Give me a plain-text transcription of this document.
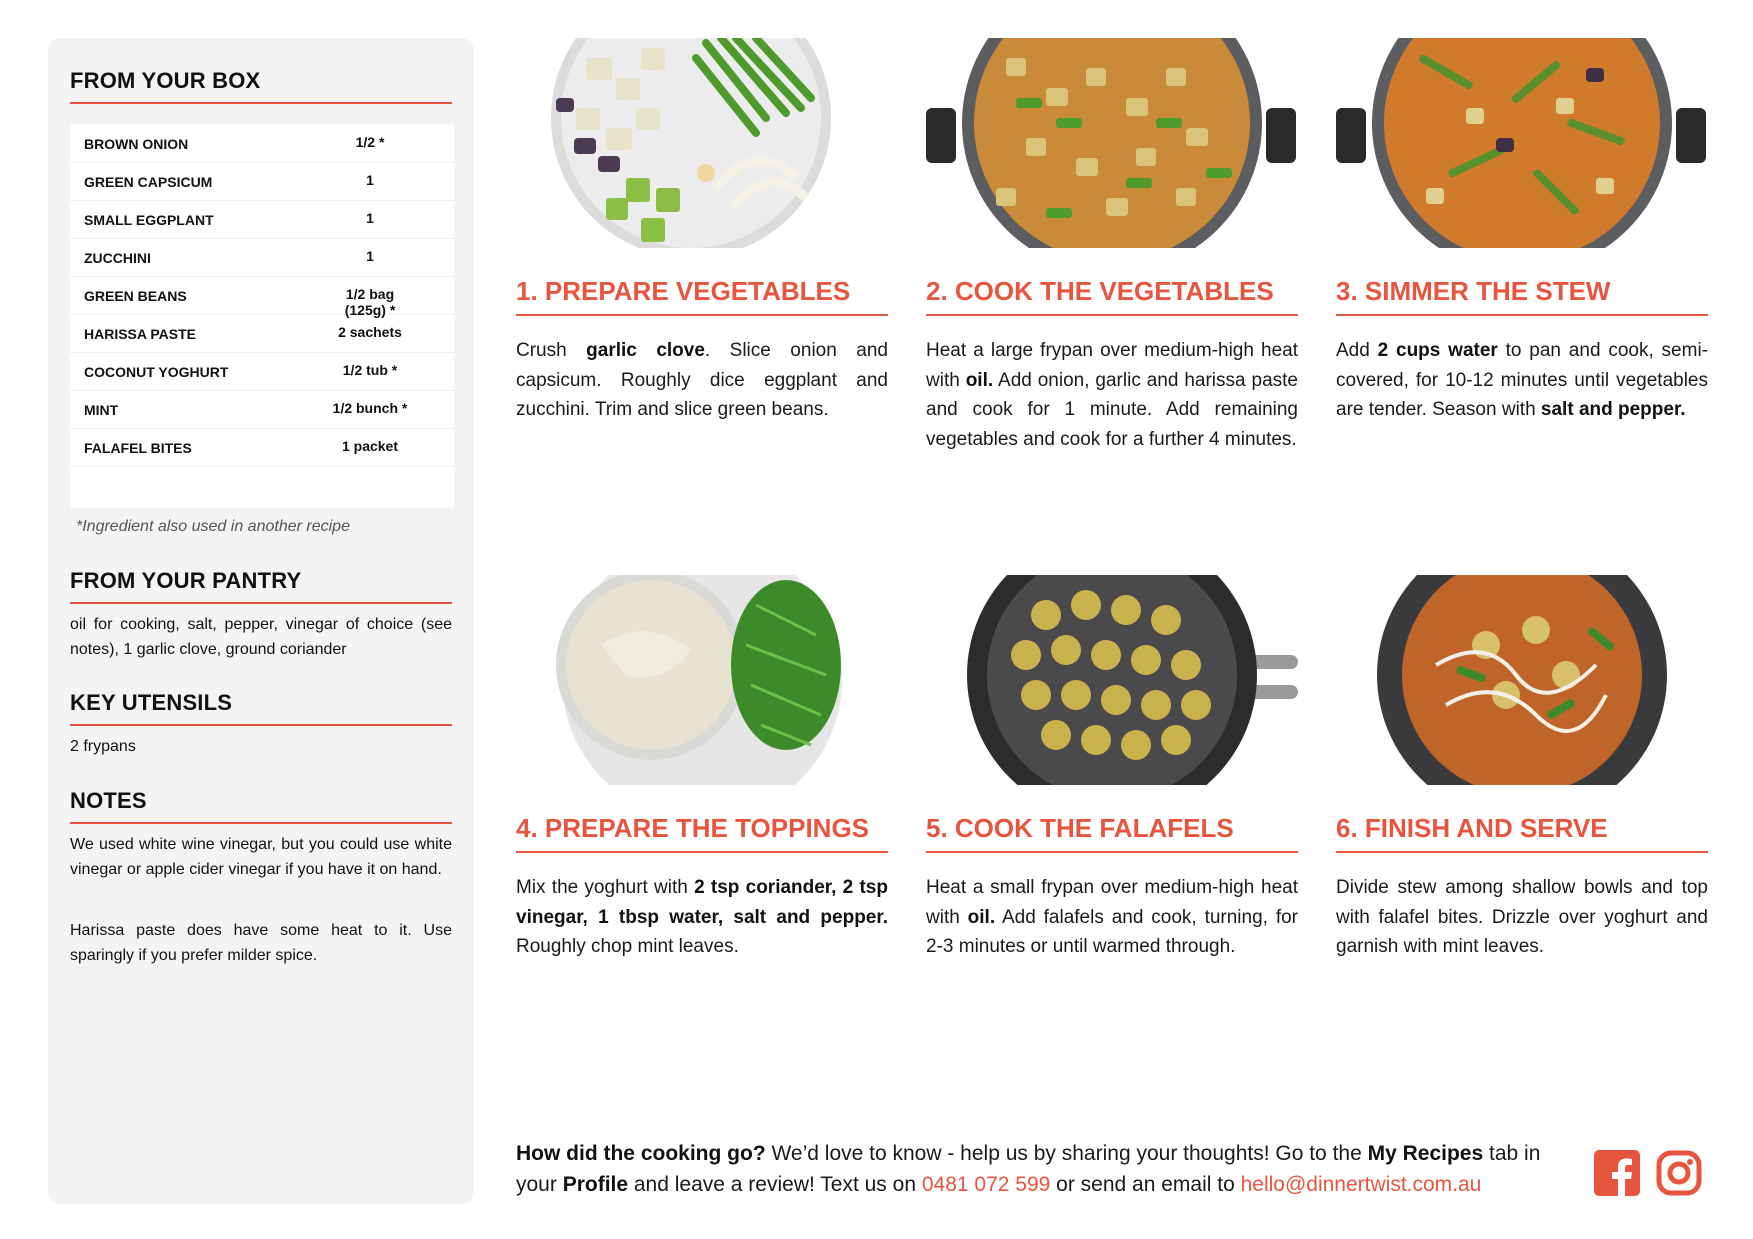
FROM YOUR BOX
BROWN ONION	1/2 *
GREEN CAPSICUM	1
SMALL EGGPLANT	1
ZUCCHINI	1
GREEN BEANS	1/2 bag (125g) *
HARISSA PASTE	2 sachets
COCONUT YOGHURT	1/2 tub *
MINT	1/2 bunch *
FALAFEL BITES	1 packet
*Ingredient also used in another recipe
FROM YOUR PANTRY
oil for cooking, salt, pepper, vinegar of choice (see notes), 1 garlic clove, ground coriander
KEY UTENSILS
2 frypans
NOTES
We used white wine vinegar, but you could use white vinegar or apple cider vinegar if you have it on hand.
Harissa paste does have some heat to it. Use sparingly if you prefer milder spice.
1. PREPARE VEGETABLES
Crush garlic clove. Slice onion and capsicum. Roughly dice eggplant and zucchini. Trim and slice green beans.
2. COOK THE VEGETABLES
Heat a large frypan over medium-high heat with oil. Add onion, garlic and harissa paste and cook for 1 minute. Add remaining vegetables and cook for a further 4 minutes.
3. SIMMER THE STEW
Add 2 cups water to pan and cook, semi-covered, for 10-12 minutes until vegetables are tender. Season with salt and pepper.
4. PREPARE THE TOPPINGS
Mix the yoghurt with 2 tsp coriander, 2 tsp vinegar, 1 tbsp water, salt and pepper. Roughly chop mint leaves.
5. COOK THE FALAFELS
Heat a small frypan over medium-high heat with oil. Add falafels and cook, turning, for 2-3 minutes or until warmed through.
6. FINISH AND SERVE
Divide stew among shallow bowls and top with falafel bites. Drizzle over yoghurt and garnish with mint leaves.
How did the cooking go? We’d love to know - help us by sharing your thoughts! Go to the My Recipes tab in your Profile and leave a review! Text us on 0481 072 599 or send an email to hello@dinnertwist.com.au
